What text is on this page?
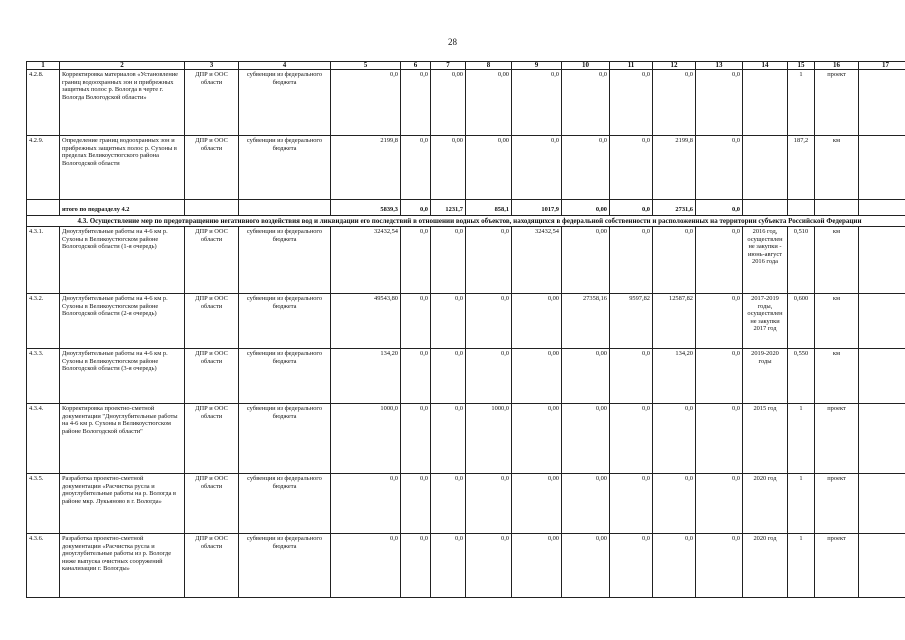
28
1	2	3	4	5	6	7	8	9	10	11	12	13	14	15	16	17
4.2.8.	Корректировка материалов «Установление границ водоохранных зон и прибрежных защитных полос р. Вологда в черте г. Вологда Вологодской области»	ДПР и ООС области	субвенции из федерального бюджета	0,0	0,0	0,00	0,00	0,0	0,0	0,0	0,0	0,0		1	проект	
4.2.9.	Определение границ водоохранных зон и прибрежных защитных полос р. Сухоны в пределах Великоустюгского района Вологодской области	ДПР и ООС области	субвенции из федерального бюджета	2199,8	0,0	0,00	0,00	0,0	0,0	0,0	2199,8	0,0		187,2	км	
	итого по подразделу 4.2			5839,3	0,0	1231,7	858,1	1017,9	0,00	0,0	2731,6	0,0				
4.3. Осуществление мер по предотвращению негативного воздействия вод и ликвидации его последствий в отношении водных объектов, находящихся в федеральной собственности и расположенных на территории субъекта Российской Федерации																
4.3.1.	Дноуглубительные работы на 4-6 км р. Сухоны в Великоустюгском районе Вологодской области (1-я очередь)	ДПР и ООС области	субвенции из федерального бюджета	32432,54	0,0	0,0	0,0	32432,54	0,00	0,0	0,0	0,0	2016 год, осуществлен не закупки - июнь-август 2016 года	0,510	км	
4.3.2.	Дноуглубительные работы на 4-6 км р. Сухоны в Великоустюгском районе Вологодской области (2-я очередь)	ДПР и ООС области	субвенции из федерального бюджета	49543,80	0,0	0,0	0,0	0,00	27358,16	9597,82	12587,82	0,0	2017-2019 годы, осуществлен не закупки 2017 год	0,600	км	
4.3.3.	Дноуглубительные работы на 4-6 км р. Сухоны в Великоустюгском районе Вологодской области (3-я очередь)	ДПР и ООС области	субвенции из федерального бюджета	134,20	0,0	0,0	0,0	0,00	0,00	0,0	134,20	0,0	2019-2020 годы	0,550	км	
4.3.4.	Корректировка проектно-сметной документации "Дноуглубительные работы на 4-6 км р. Сухоны в Великоустюгском районе Вологодской области"	ДПР и ООС области	субвенции из федерального бюджета	1000,0	0,0	0,0	1000,0	0,00	0,00	0,0	0,0	0,0	2015 год	1	проект	
4.3.5.	Разработка проектно-сметной документации «Расчистка русла и дноуглубительные работы на р. Вологда в районе мкр. Лукьяново в г. Вологда»	ДПР и ООС области	субвенция из федерального бюджета	0,0	0,0	0,0	0,0	0,00	0,00	0,0	0,0	0,0	2020 год	1	проект	
4.3.6.	Разработка проектно-сметной документации «Расчистка русла и дноуглубительные работы из р. Вологде ниже выпуска очистных сооружений канализации г. Вологды»	ДПР и ООС области	субвенции из федерального бюджета	0,0	0,0	0,0	0,0	0,00	0,00	0,0	0,0	0,0	2020 год	1	проект	
